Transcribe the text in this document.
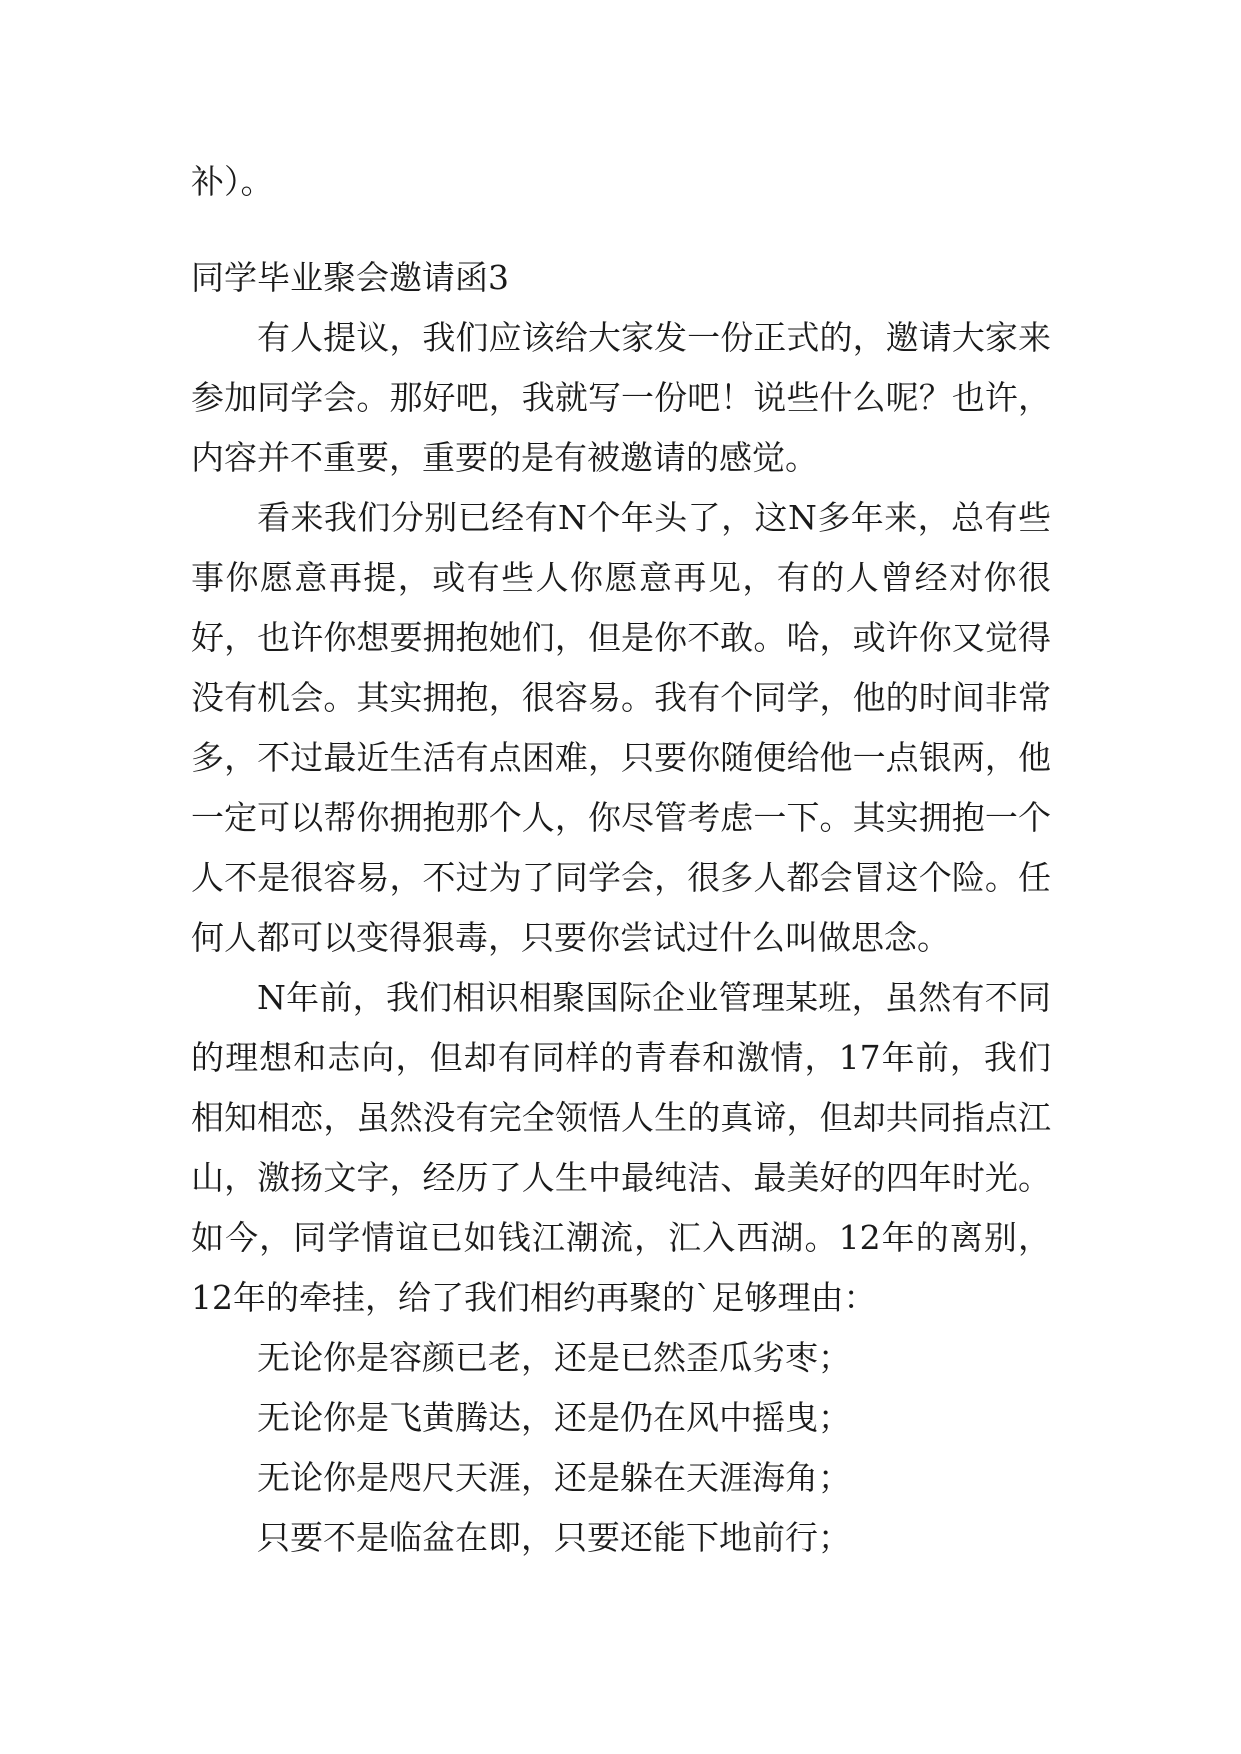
补）。

同学毕业聚会邀请函3

有人提议，我们应该给大家发一份正式的，邀请大家来参加同学会。那好吧，我就写一份吧！说些什么呢？也许，内容并不重要，重要的是有被邀请的感觉。

看来我们分别已经有N个年头了，这N多年来，总有些事你愿意再提，或有些人你愿意再见，有的人曾经对你很好，也许你想要拥抱她们，但是你不敢。哈，或许你又觉得没有机会。其实拥抱，很容易。我有个同学，他的时间非常多，不过最近生活有点困难，只要你随便给他一点银两，他一定可以帮你拥抱那个人，你尽管考虑一下。其实拥抱一个人不是很容易，不过为了同学会，很多人都会冒这个险。任何人都可以变得狠毒，只要你尝试过什么叫做思念。

N年前，我们相识相聚国际企业管理某班，虽然有不同的理想和志向，但却有同样的青春和激情，17年前，我们相知相恋，虽然没有完全领悟人生的真谛，但却共同指点江山，激扬文字，经历了人生中最纯洁、最美好的四年时光。如今，同学情谊已如钱江潮流，汇入西湖。12年的离别，12年的牵挂，给了我们相约再聚的`足够理由：

无论你是容颜已老，还是已然歪瓜劣枣；

无论你是飞黄腾达，还是仍在风中摇曳；

无论你是咫尺天涯，还是躲在天涯海角；

只要不是临盆在即，只要还能下地前行；
